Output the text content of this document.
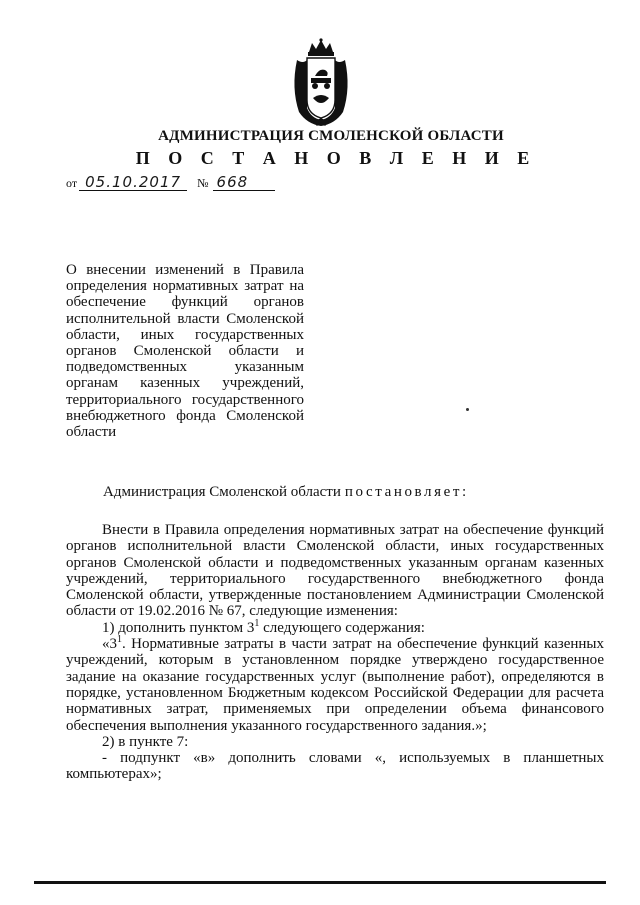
АДМИНИСТРАЦИЯ СМОЛЕНСКОЙ ОБЛАСТИ
П О С Т А Н О В Л Е Н И Е
от 05.10.2017 № 668
О внесении изменений в Правила определения нормативных затрат на обеспечение функций органов исполнительной власти Смоленской области, иных государственных органов Смоленской области и подведомственных указанным органам казенных учреждений, территориального государственного внебюджетного фонда Смоленской области
Администрация Смоленской области постановляет:

Внести в Правила определения нормативных затрат на обеспечение функций органов исполнительной власти Смоленской области, иных государственных органов Смоленской области и подведомственных указанным органам казенных учреждений, территориального государственного внебюджетного фонда Смоленской области, утвержденные постановлением Администрации Смоленской области от 19.02.2016 № 67, следующие изменения:

1) дополнить пунктом $3^1$ следующего содержания:

«$3^1$. Нормативные затраты в части затрат на обеспечение функций казенных учреждений, которым в установленном порядке утверждено государственное задание на оказание государственных услуг (выполнение работ), определяются в порядке, установленном Бюджетным кодексом Российской Федерации для расчета нормативных затрат, применяемых при определении объема финансового обеспечения выполнения указанного государственного задания.»;

2) в пункте 7:

- подпункт «в» дополнить словами «, используемых в планшетных компьютерах»;
